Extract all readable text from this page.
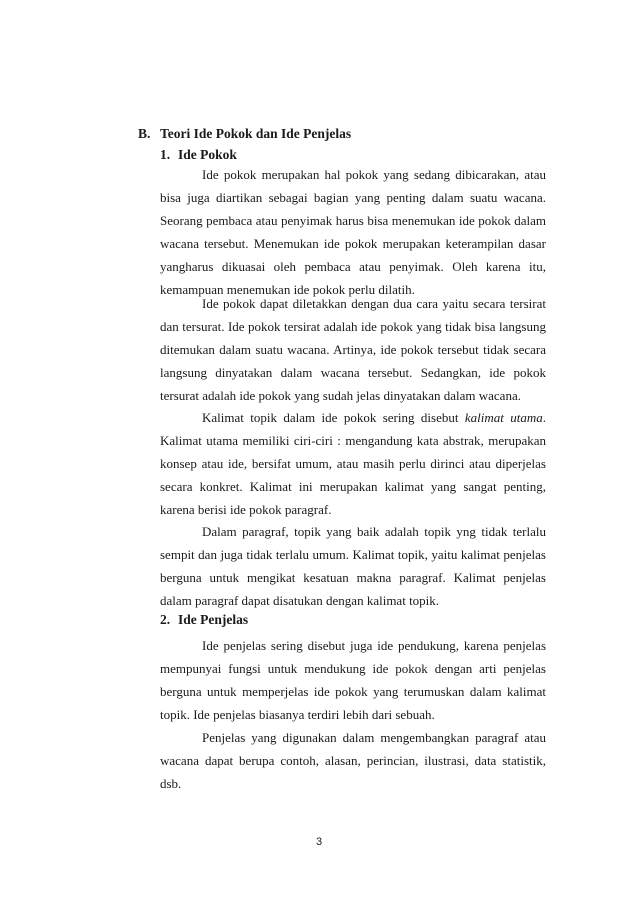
B. Teori Ide Pokok dan Ide Penjelas
1. Ide Pokok

Ide pokok merupakan hal pokok yang sedang dibicarakan, atau bisa juga diartikan sebagai bagian yang penting dalam suatu wacana. Seorang pembaca atau penyimak harus bisa menemukan ide pokok dalam wacana tersebut. Menemukan ide pokok merupakan keterampilan dasar yangharus dikuasai oleh pembaca atau penyimak. Oleh karena itu, kemampuan menemukan ide pokok perlu dilatih.

Ide pokok dapat diletakkan dengan dua cara yaitu secara tersirat dan tersurat. Ide pokok tersirat adalah ide pokok yang tidak bisa langsung ditemukan dalam suatu wacana. Artinya, ide pokok tersebut tidak secara langsung dinyatakan dalam wacana tersebut. Sedangkan, ide pokok tersurat adalah ide pokok yang sudah jelas dinyatakan dalam wacana.

Kalimat topik dalam ide pokok sering disebut kalimat utama. Kalimat utama memiliki ciri-ciri : mengandung kata abstrak, merupakan konsep atau ide, bersifat umum, atau masih perlu dirinci atau diperjelas secara konkret. Kalimat ini merupakan kalimat yang sangat penting, karena berisi ide pokok paragraf.

Dalam paragraf, topik yang baik adalah topik yng tidak terlalu sempit dan juga tidak terlalu umum. Kalimat topik, yaitu kalimat penjelas berguna untuk mengikat kesatuan makna paragraf. Kalimat penjelas dalam paragraf dapat disatukan dengan kalimat topik.

2. Ide Penjelas

Ide penjelas sering disebut juga ide pendukung, karena penjelas mempunyai fungsi untuk mendukung ide pokok dengan arti penjelas berguna untuk memperjelas ide pokok yang terumuskan dalam kalimat topik. Ide penjelas biasanya terdiri lebih dari sebuah.

Penjelas yang digunakan dalam mengembangkan paragraf atau wacana dapat berupa contoh, alasan, perincian, ilustrasi, data statistik, dsb.

3
